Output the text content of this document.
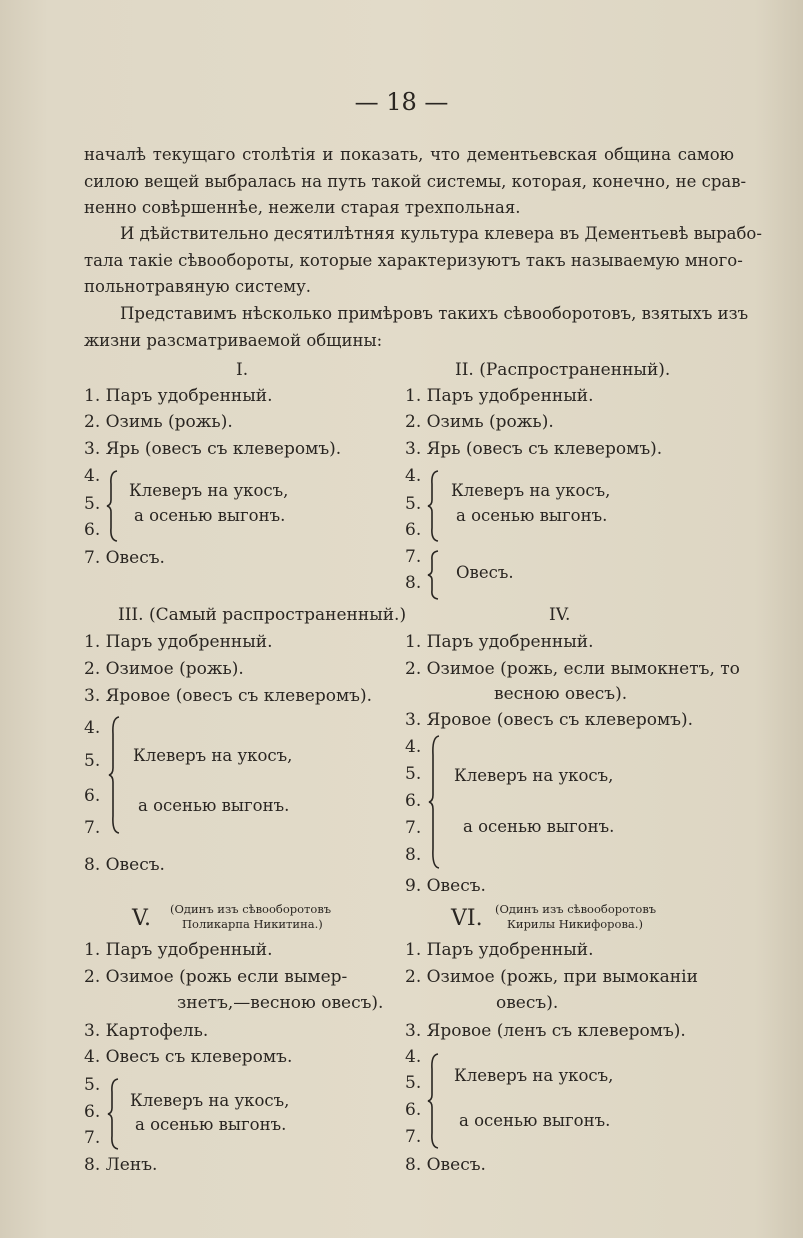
— 18 —
началѣ текущаго столѣтія и показать, что дементьевская община самою
силою вещей выбралась на путь такой системы, которая, конечно, не срав-
ненно совѣршеннѣе, нежели старая трехпольная.
И дѣйствительно десятилѣтняя культура клевера въ Дементьевѣ вырабо-
тала такіе сѣвообороты, которые характеризуютъ такъ называемую много-
польнотравяную систему.
Представимъ нѣсколько примѣровъ такихъ сѣвооборотовъ, взятыхъ изъ
жизни разсматриваемой общины:
I.
1. Паръ удобренный.
2. Озимь (рожь).
3. Ярь (овесъ съ клеверомъ).
4.
5.
6.
Клеверъ на укосъ,
а осенью выгонъ.
7. Овесъ.
II. (Распространенный).
1. Паръ удобренный.
2. Озимь (рожь).
3. Ярь (овесъ съ клеверомъ).
4.
5.
6.
Клеверъ на укосъ,
а осенью выгонъ.
7.
8.
Овесъ.
III. (Самый распространенный.)
1. Паръ удобренный.
2. Озимое (рожь).
3. Яровое (овесъ съ клеверомъ).
4.
5.
6.
7.
Клеверъ на укосъ,
а осенью выгонъ.
8. Овесъ.
IV.
1. Паръ удобренный.
2. Озимое (рожь, если вымокнетъ, то
весною овесъ).
3. Яровое (овесъ съ клеверомъ).
4.
5.
6.
7.
8.
Клеверъ на укосъ,
а осенью выгонъ.
9. Овесъ.
V. (Одинъ изъ сѣвооборотовъ
Поликарпа Никитина.)
1. Паръ удобренный.
2. Озимое (рожь если вымер-
знетъ,—весною овесъ).
3. Картофель.
4. Овесъ съ клеверомъ.
5.
6.
7.
Клеверъ на укосъ,
а осенью выгонъ.
8. Ленъ.
VI. (Одинъ изъ сѣвооборотовъ
Кирилы Никифорова.)
1. Паръ удобренный.
2. Озимое (рожь, при вымоканіи
овесъ).
3. Яровое (ленъ съ клеверомъ).
4.
5.
6.
7.
Клеверъ на укосъ,
а осенью выгонъ.
8. Овесъ.
